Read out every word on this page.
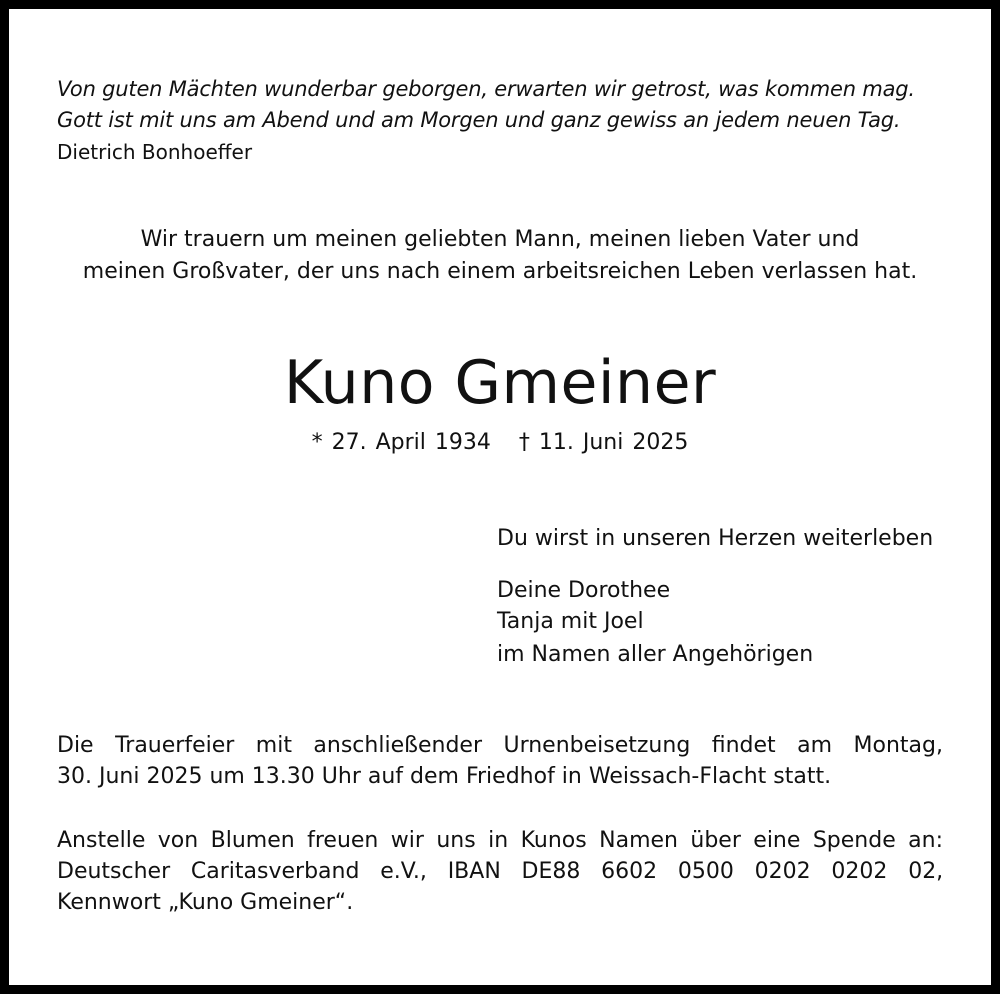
Von guten Mächten wunderbar geborgen, erwarten wir getrost, was kommen mag.
Gott ist mit uns am Abend und am Morgen und ganz gewiss an jedem neuen Tag.
Dietrich Bonhoeffer
Wir trauern um meinen geliebten Mann, meinen lieben Vater und
meinen Großvater, der uns nach einem arbeitsreichen Leben verlassen hat.
Kuno Gmeiner
* 27. April 1934 † 11. Juni 2025
Du wirst in unseren Herzen weiterleben
Deine Dorothee
Tanja mit Joel
im Namen aller Angehörigen
Die Trauerfeier mit anschließender Urnenbeisetzung findet am Montag,
30. Juni 2025 um 13.30 Uhr auf dem Friedhof in Weissach-Flacht statt.
Anstelle von Blumen freuen wir uns in Kunos Namen über eine Spende an:
Deutscher Caritasverband e.V., IBAN DE88 6602 0500 0202 0202 02,
Kennwort „Kuno Gmeiner“.
